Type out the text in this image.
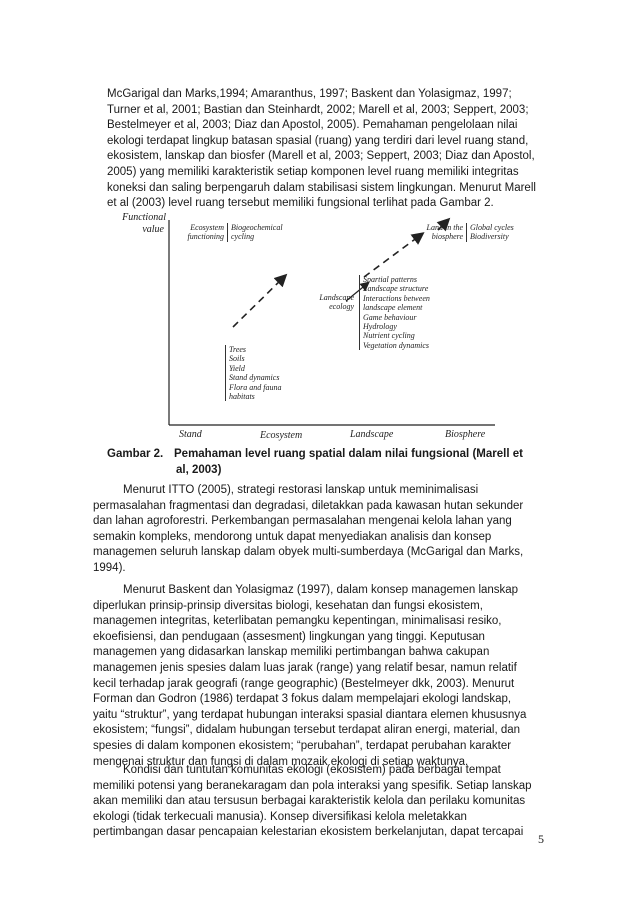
McGarigal dan Marks,1994; Amaranthus, 1997; Baskent dan Yolasigmaz, 1997;
Turner et al, 2001; Bastian dan Steinhardt, 2002; Marell et al, 2003; Seppert, 2003;
Bestelmeyer et al, 2003; Diaz dan Apostol, 2005). Pemahaman pengelolaan nilai
ekologi terdapat lingkup batasan spasial (ruang) yang terdiri dari level ruang stand,
ekosistem, lanskap dan biosfer (Marell et al, 2003; Seppert, 2003; Diaz dan Apostol,
2005) yang memiliki karakteristik setiap komponen level ruang memiliki integritas
koneksi dan saling berpengaruh dalam stabilisasi sistem lingkungan. Menurut Marell
et al (2003) level ruang tersebut memiliki fungsional terlihat pada Gambar 2.
Functional
value	Ecosystem
functioning
Biogeochemical
cycling
Land in the
biosphere
Global cycles
Biodiversity
Landscape
ecology
Spartial patterns
Landscape structure
Interactions between
landscape element
Game behaviour
Hydrology
Nutrient cycling
Vegetation dynamics
Trees
Soils
Yield
Stand dynamics
Flora and fauna
habitats
Stand	Ecosystem	Landscape	Biosphere
Gambar 2. Pemahaman level ruang spatial dalam nilai fungsional (Marell et
al, 2003)
Menurut ITTO (2005), strategi restorasi lanskap untuk meminimalisasi
permasalahan fragmentasi dan degradasi, diletakkan pada kawasan hutan sekunder
dan lahan agroforestri. Perkembangan permasalahan mengenai kelola lahan yang
semakin kompleks, mendorong untuk dapat menyediakan analisis dan konsep
managemen seluruh lanskap dalam obyek multi-sumberdaya (McGarigal dan Marks,
1994).
Menurut Baskent dan Yolasigmaz (1997), dalam konsep managemen lanskap
diperlukan prinsip-prinsip diversitas biologi, kesehatan dan fungsi ekosistem,
managemen integritas, keterlibatan pemangku kepentingan, minimalisasi resiko,
ekoefisiensi, dan pendugaan (assesment) lingkungan yang tinggi. Keputusan
managemen yang didasarkan lanskap memiliki pertimbangan bahwa cakupan
managemen jenis spesies dalam luas jarak (range) yang relatif besar, namun relatif
kecil terhadap jarak geografi (range geographic) (Bestelmeyer dkk, 2003). Menurut
Forman dan Godron (1986) terdapat 3 fokus dalam mempelajari ekologi landskap,
yaitu “struktur”, yang terdapat hubungan interaksi spasial diantara elemen khususnya
ekosistem; “fungsi”, didalam hubungan tersebut terdapat aliran energi, material, dan
spesies di dalam komponen ekosistem; “perubahan”, terdapat perubahan karakter
mengenai struktur dan fungsi di dalam mozaik ekologi di setiap waktunya.
Kondisi dan tuntutan komunitas ekologi (ekosistem) pada berbagai tempat
memiliki potensi yang beranekaragam dan pola interaksi yang spesifik. Setiap lanskap
akan memiliki dan atau tersusun berbagai karakteristik kelola dan perilaku komunitas
ekologi (tidak terkecuali manusia). Konsep diversifikasi kelola meletakkan
pertimbangan dasar pencapaian kelestarian ekosistem berkelanjutan, dapat tercapai	5
